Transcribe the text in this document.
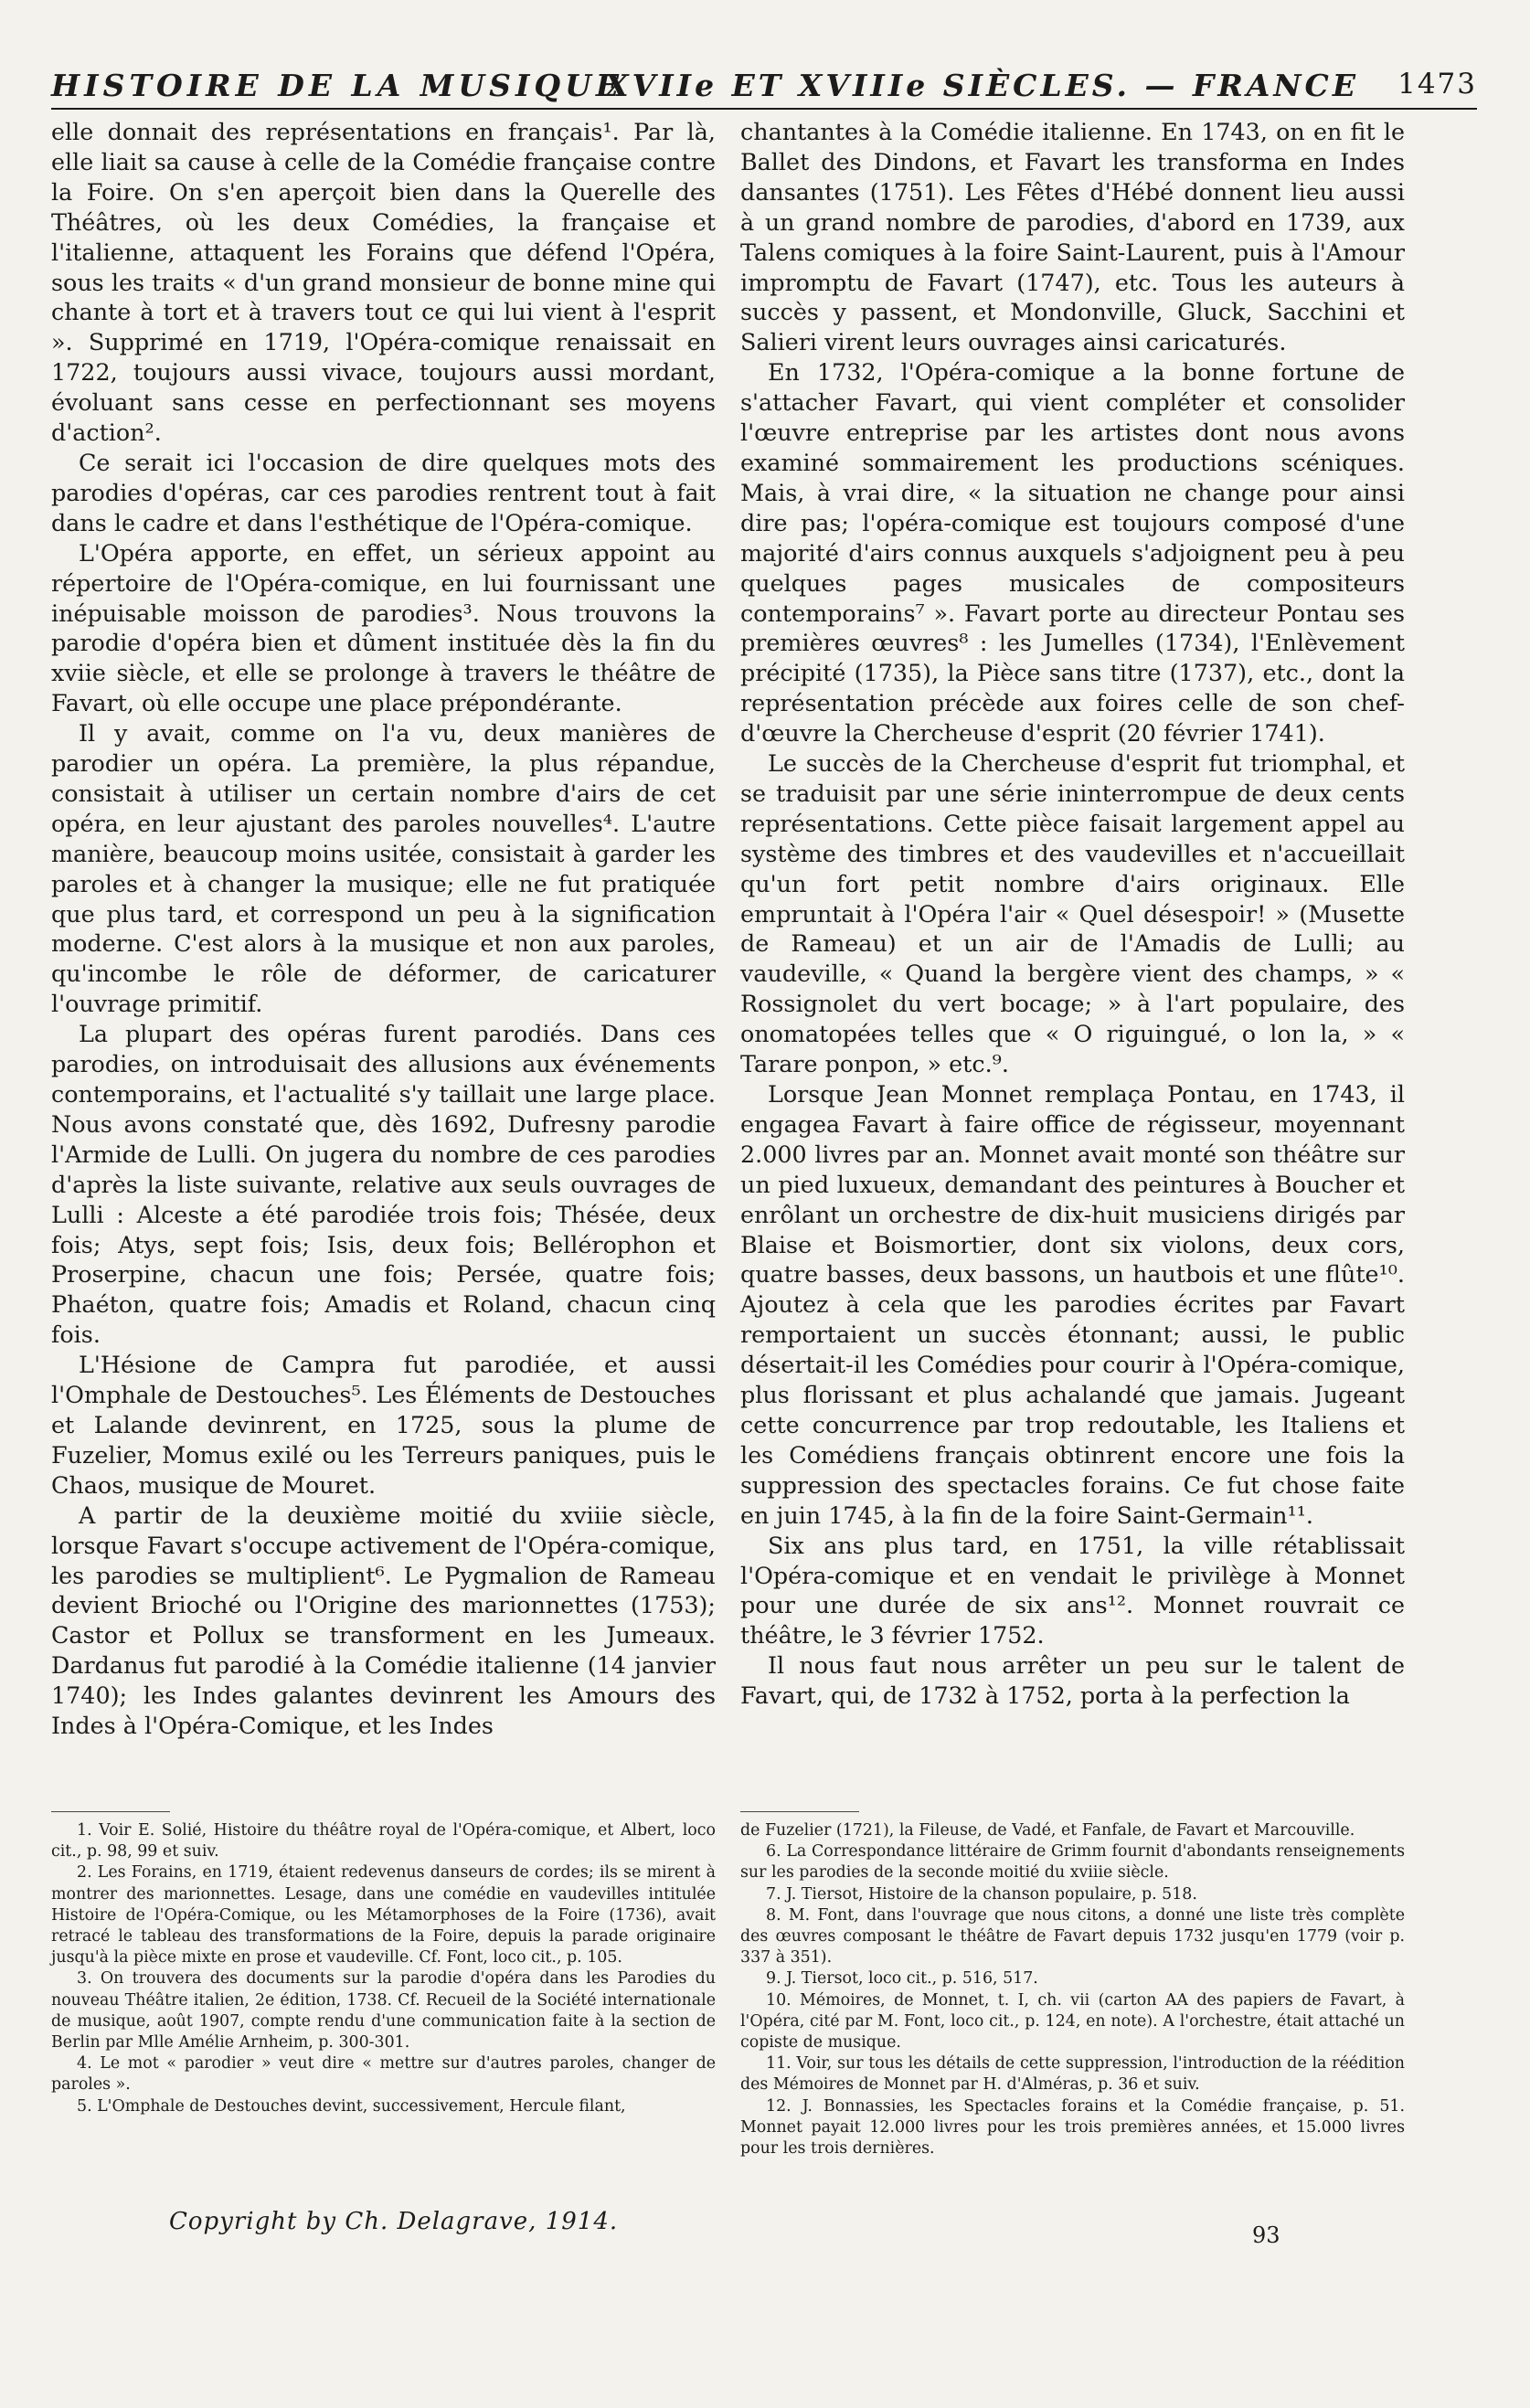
HISTOIRE DE LA MUSIQUE
XVIIe ET XVIIIe SIÈCLES. — FRANCE 1473

elle donnait des représentations en français¹. Par là, elle liait sa cause à celle de la Comédie française contre la Foire. On s'en aperçoit bien dans la Querelle des Théâtres, où les deux Comédies, la française et l'italienne, attaquent les Forains que défend l'Opéra, sous les traits « d'un grand monsieur de bonne mine qui chante à tort et à travers tout ce qui lui vient à l'esprit ». Supprimé en 1719, l'Opéra-comique renaissait en 1722, toujours aussi vivace, toujours aussi mordant, évoluant sans cesse en perfectionnant ses moyens d'action².

Ce serait ici l'occasion de dire quelques mots des parodies d'opéras, car ces parodies rentrent tout à fait dans le cadre et dans l'esthétique de l'Opéra-comique.

L'Opéra apporte, en effet, un sérieux appoint au répertoire de l'Opéra-comique, en lui fournissant une inépuisable moisson de parodies³. Nous trouvons la parodie d'opéra bien et dûment instituée dès la fin du xviie siècle, et elle se prolonge à travers le théâtre de Favart, où elle occupe une place prépondérante.

Il y avait, comme on l'a vu, deux manières de parodier un opéra. La première, la plus répandue, consistait à utiliser un certain nombre d'airs de cet opéra, en leur ajustant des paroles nouvelles⁴. L'autre manière, beaucoup moins usitée, consistait à garder les paroles et à changer la musique; elle ne fut pratiquée que plus tard, et correspond un peu à la signification moderne. C'est alors à la musique et non aux paroles, qu'incombe le rôle de déformer, de caricaturer l'ouvrage primitif.

La plupart des opéras furent parodiés. Dans ces parodies, on introduisait des allusions aux événements contemporains, et l'actualité s'y taillait une large place. Nous avons constaté que, dès 1692, Dufresny parodie l'Armide de Lulli. On jugera du nombre de ces parodies d'après la liste suivante, relative aux seuls ouvrages de Lulli : Alceste a été parodiée trois fois; Thésée, deux fois; Atys, sept fois; Isis, deux fois; Bellérophon et Proserpine, chacun une fois; Persée, quatre fois; Phaéton, quatre fois; Amadis et Roland, chacun cinq fois.

L'Hésione de Campra fut parodiée, et aussi l'Omphale de Destouches⁵. Les Éléments de Destouches et Lalande devinrent, en 1725, sous la plume de Fuzelier, Momus exilé ou les Terreurs paniques, puis le Chaos, musique de Mouret.

A partir de la deuxième moitié du xviiie siècle, lorsque Favart s'occupe activement de l'Opéra-comique, les parodies se multiplient⁶. Le Pygmalion de Rameau devient Brioché ou l'Origine des marionnettes (1753); Castor et Pollux se transforment en les Jumeaux. Dardanus fut parodié à la Comédie italienne (14 janvier 1740); les Indes galantes devinrent les Amours des Indes à l'Opéra-Comique, et les Indes

chantantes à la Comédie italienne. En 1743, on en fit le Ballet des Dindons, et Favart les transforma en Indes dansantes (1751). Les Fêtes d'Hébé donnent lieu aussi à un grand nombre de parodies, d'abord en 1739, aux Talens comiques à la foire Saint-Laurent, puis à l'Amour impromptu de Favart (1747), etc. Tous les auteurs à succès y passent, et Mondonville, Gluck, Sacchini et Salieri virent leurs ouvrages ainsi caricaturés.

En 1732, l'Opéra-comique a la bonne fortune de s'attacher Favart, qui vient compléter et consolider l'œuvre entreprise par les artistes dont nous avons examiné sommairement les productions scéniques. Mais, à vrai dire, « la situation ne change pour ainsi dire pas; l'opéra-comique est toujours composé d'une majorité d'airs connus auxquels s'adjoignent peu à peu quelques pages musicales de compositeurs contemporains⁷ ». Favart porte au directeur Pontau ses premières œuvres⁸ : les Jumelles (1734), l'Enlèvement précipité (1735), la Pièce sans titre (1737), etc., dont la représentation précède aux foires celle de son chef-d'œuvre la Chercheuse d'esprit (20 février 1741).

Le succès de la Chercheuse d'esprit fut triomphal, et se traduisit par une série ininterrompue de deux cents représentations. Cette pièce faisait largement appel au système des timbres et des vaudevilles et n'accueillait qu'un fort petit nombre d'airs originaux. Elle empruntait à l'Opéra l'air « Quel désespoir! » (Musette de Rameau) et un air de l'Amadis de Lulli; au vaudeville, « Quand la bergère vient des champs, » « Rossignolet du vert bocage; » à l'art populaire, des onomatopées telles que « O riguingué, o lon la, » « Tarare ponpon, » etc.⁹.

Lorsque Jean Monnet remplaça Pontau, en 1743, il engagea Favart à faire office de régisseur, moyennant 2.000 livres par an. Monnet avait monté son théâtre sur un pied luxueux, demandant des peintures à Boucher et enrôlant un orchestre de dix-huit musiciens dirigés par Blaise et Boismortier, dont six violons, deux cors, quatre basses, deux bassons, un hautbois et une flûte¹⁰. Ajoutez à cela que les parodies écrites par Favart remportaient un succès étonnant; aussi, le public désertait-il les Comédies pour courir à l'Opéra-comique, plus florissant et plus achalandé que jamais. Jugeant cette concurrence par trop redoutable, les Italiens et les Comédiens français obtinrent encore une fois la suppression des spectacles forains. Ce fut chose faite en juin 1745, à la fin de la foire Saint-Germain¹¹.

Six ans plus tard, en 1751, la ville rétablissait l'Opéra-comique et en vendait le privilège à Monnet pour une durée de six ans¹². Monnet rouvrait ce théâtre, le 3 février 1752.

Il nous faut nous arrêter un peu sur le talent de Favart, qui, de 1732 à 1752, porta à la perfection la

1. Voir E. Solié, Histoire du théâtre royal de l'Opéra-comique, et Albert, loco cit., p. 98, 99 et suiv.

2. Les Forains, en 1719, étaient redevenus danseurs de cordes; ils se mirent à montrer des marionnettes. Lesage, dans une comédie en vaudevilles intitulée Histoire de l'Opéra-Comique, ou les Métamorphoses de la Foire (1736), avait retracé le tableau des transformations de la Foire, depuis la parade originaire jusqu'à la pièce mixte en prose et vaudeville. Cf. Font, loco cit., p. 105.

3. On trouvera des documents sur la parodie d'opéra dans les Parodies du nouveau Théâtre italien, 2e édition, 1738. Cf. Recueil de la Société internationale de musique, août 1907, compte rendu d'une communication faite à la section de Berlin par Mlle Amélie Arnheim, p. 300-301.

4. Le mot « parodier » veut dire « mettre sur d'autres paroles, changer de paroles ».

5. L'Omphale de Destouches devint, successivement, Hercule filant,

de Fuzelier (1721), la Fileuse, de Vadé, et Fanfale, de Favart et Marcouville.

6. La Correspondance littéraire de Grimm fournit d'abondants renseignements sur les parodies de la seconde moitié du xviiie siècle.

7. J. Tiersot, Histoire de la chanson populaire, p. 518.

8. M. Font, dans l'ouvrage que nous citons, a donné une liste très complète des œuvres composant le théâtre de Favart depuis 1732 jusqu'en 1779 (voir p. 337 à 351).

9. J. Tiersot, loco cit., p. 516, 517.

10. Mémoires, de Monnet, t. I, ch. vii (carton AA des papiers de Favart, à l'Opéra, cité par M. Font, loco cit., p. 124, en note). A l'orchestre, était attaché un copiste de musique.

11. Voir, sur tous les détails de cette suppression, l'introduction de la réédition des Mémoires de Monnet par H. d'Alméras, p. 36 et suiv.

12. J. Bonnassies, les Spectacles forains et la Comédie française, p. 51. Monnet payait 12.000 livres pour les trois premières années, et 15.000 livres pour les trois dernières.

Copyright by Ch. Delagrave, 1914.	93
